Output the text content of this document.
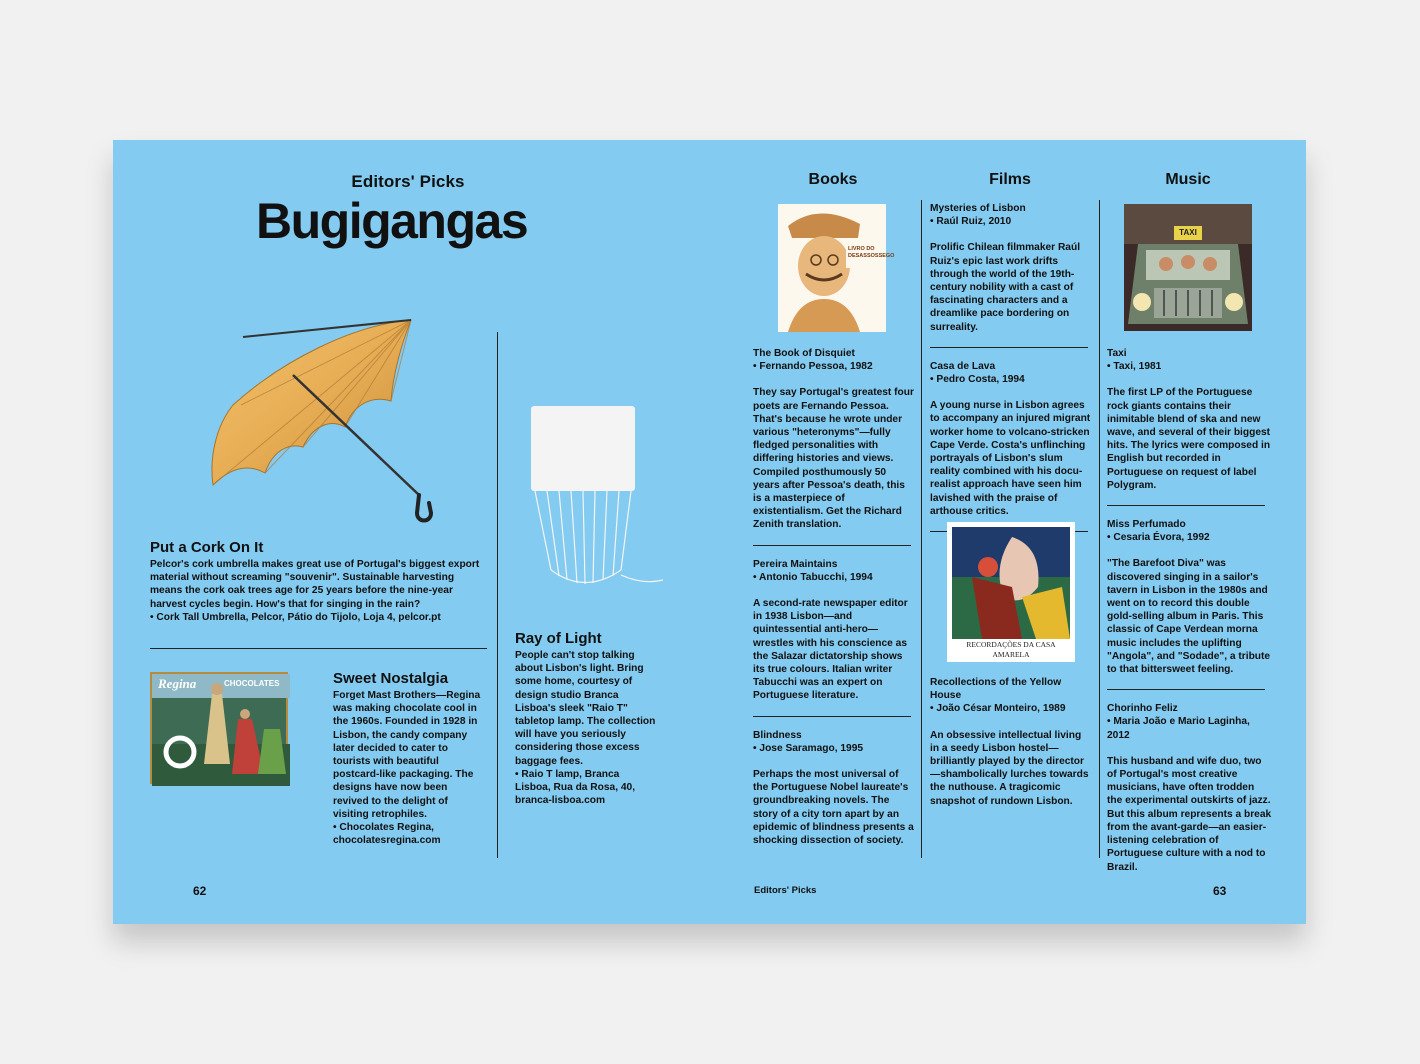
Editors' Picks
Bugigangas
Put a Cork On It

Pelcor's cork umbrella makes great use of Portugal's biggest export material without screaming "souvenir". Sustainable harvesting means the cork oak trees age for 25 years before the nine-year harvest cycles begin. How's that for singing in the rain?

• Cork Tall Umbrella, Pelcor, Pátio do Tijolo, Loja 4, pelcor.pt

Regina	CHOCOLATES	Sweet Nostalgia

Forget Mast Brothers—Regina was making chocolate cool in the 1960s. Founded in 1928 in Lisbon, the candy company later decided to cater to tourists with beautiful postcard-like packaging. The designs have now been revived to the delight of visiting retrophiles.

• Chocolates Regina, chocolatesregina.com

Ray of Light

People can't stop talking about Lisbon's light. Bring some home, courtesy of design studio Branca Lisboa's sleek "Raio T" tabletop lamp. The collection will have you seriously considering those excess baggage fees.

• Raio T lamp, Branca Lisboa, Rua da Rosa, 40, branca-lisboa.com

62
Books	Films	Music
LIVRO DO DESASSOSSEGO

The Book of Disquiet

• Fernando Pessoa, 1982

They say Portugal's greatest four poets are Fernando Pessoa. That's because he wrote under various "heteronyms"—fully fledged personalities with differing histories and views. Compiled posthumously 50 years after Pessoa's death, this is a masterpiece of existentialism. Get the Richard Zenith translation.

Pereira Maintains

• Antonio Tabucchi, 1994

A second-rate newspaper editor in 1938 Lisbon—and quintessential anti-hero—wrestles with his conscience as the Salazar dictatorship shows its true colours. Italian writer Tabucchi was an expert on Portuguese literature.

Blindness

• Jose Saramago, 1995

Perhaps the most universal of the Portuguese Nobel laureate's groundbreaking novels. The story of a city torn apart by an epidemic of blindness presents a shocking dissection of society.

Mysteries of Lisbon

• Raúl Ruiz, 2010

Prolific Chilean filmmaker Raúl Ruiz's epic last work drifts through the world of the 19th-century nobility with a cast of fascinating characters and a dreamlike pace bordering on surreality.

Casa de Lava

• Pedro Costa, 1994

A young nurse in Lisbon agrees to accompany an injured migrant worker home to volcano-stricken Cape Verde. Costa's unflinching portrayals of Lisbon's slum reality combined with his docu-realist approach have seen him lavished with the praise of arthouse critics.

RECORDAÇÕES DA CASA AMARELA

Recollections of the Yellow House

• João César Monteiro, 1989

An obsessive intellectual living in a seedy Lisbon hostel—brilliantly played by the director—shambolically lurches towards the nuthouse. A tragicomic snapshot of rundown Lisbon.

TAXI

Taxi

• Taxi, 1981

The first LP of the Portuguese rock giants contains their inimitable blend of ska and new wave, and several of their biggest hits. The lyrics were composed in English but recorded in Portuguese on request of label Polygram.

Miss Perfumado

• Cesaria Évora, 1992

"The Barefoot Diva" was discovered singing in a sailor's tavern in Lisbon in the 1980s and went on to record this double gold-selling album in Paris. This classic of Cape Verdean morna music includes the uplifting "Angola", and "Sodade", a tribute to that bittersweet feeling.

Chorinho Feliz

• Maria João e Mario Laginha, 2012

This husband and wife duo, two of Portugal's most creative musicians, have often trodden the experimental outskirts of jazz. But this album represents a break from the avant-garde—an easier-listening celebration of Portuguese culture with a nod to Brazil.

Editors' Picks	63
